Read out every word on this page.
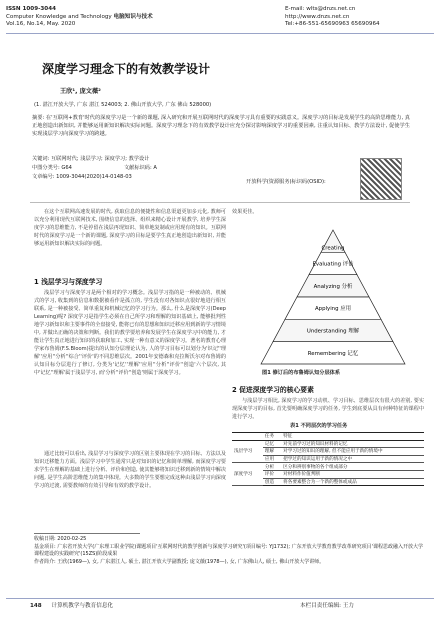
ISSN 1009-3044
Computer Knowledge and Technology 电脑知识与技术
Vol.16, No.14, May. 2020
E-mail: wlts@dnzs.net.cn
http://www.dnzs.net.cn
Tel:+86-551-65690963 65690964
深度学习理念下的有效教学设计
王欣¹, 庞文薇²
(1. 湛江开放大学, 广东 湛江 524003; 2. 佛山开放大学, 广东 佛山 528000)
摘要: 在'互联网+教育'时代的深度学习是一个新的课题, 深入研究和开展互联网时代的深度学习具有重要的实践意义。深度学习的目标是发展学生的高阶思维能力, 真正地创造出新知识, 并能够运用新知识解决实际问题。深度学习理念下的有效教学设计应充分探讨影响深度学习的重要因素, 注重认知目标、教学方法设计, 促使学生实现浅层学习向深度学习的跨越。
关键词: 互联网时代; 浅层学习; 深度学习; 教学设计
中图分类号: G64	文献标识码: A
文章编号: 1009-3044(2020)14-0148-03
开放科学(资源服务)标识码(OSID):
在这个互联网高速发展的时代, 获取信息的便捷性和信息渠道更加多元化, 教师可以充分利用现代互联网技术, 围绕信息的选择、组织来精心设计开展教学, 培养学生深度学习的思维能力, 不是停留在浅层再现知识、简单地复制或应用现有的知识。互联网时代的深度学习是一个新的课题, 深度学习的目标是要学生真正地创造出新知识, 并能够运用新知识解决实际的问题。
1 浅层学习与深度学习
浅层学习与深度学习是两个相对的学习概念。浅层学习指的是一种被动的、机械式的学习, 收集到的信息和数据被看作是孤立的, 学生没有对各知识点很好地进行相互联系, 是一种被接受、简单重复和机械记忆的学习行为。那么, 什么是深度学习(Deep Learning)呢? 深度学习是指学生必须在自己所学习和理解的知识基础上, 能够批判性地学习新知识和主要事件的全盘接受, 能将已有的思想和知识迁移应用到新的学习情境中, 并做出正确的决策和判断。我们的教学要培养和发展学生在深度学习中的能力, 才能让学生真正地进行知识的获取和加工, 实现一种有意义的深度学习。著名的教育心理学家布鲁姆(F.S.Bloom)提出的认知分层理论认为, 人的学习目标可以划分为'识记''理解''应用''分析''综合''评价'的不同思维层次。2001年安德森和克拉斯沃尔对布鲁姆的认知目标分层进行了修订, 分类为'记忆''理解''应用''分析''评价''创造'六个层次, 其中'记忆''理解'属于浅层学习, 而'分析''评价''创造'则属于深度学习。
通过比较可以看出, 浅层学习与深度学习的区别主要体现在学习的目标、方法以及知识迁移能力方面。浅层学习中学生通常只是对知识的记忆和简单理解, 而深度学习要求学生在理解的基础上进行分析、评价和创造, 使其能够将知识迁移到新的情境中解决问题, 是学生高阶思维能力的集中体现。大多数的学生要想完成这种由浅层学习向深度学习的过渡, 需要教师的有效引导和有效的教学设计。
效果更佳。
Creating
Evaluating 评估
Analyzing 分析
Applying 应用
Understanding 理解
Remembering 记忆
图1 修订后的布鲁姆认知分层体系
2 促进深度学习的核心要素
与浅层学习相比, 深度学习的学习动机、学习目标、思维层次有很大的差别, 要实现深度学习的目标, 首先要明确深度学习的任务, 学生到底要从具有何种特征的课程中进行学习。
表1 不同层次的学习任务
	任务	特征
浅层学习	记忆	对先前学习过的知识材料的记忆
	理解	对学习过的知识的理解, 但不能应用于新的情境中
	应用	把学过的知识运用于新的情况之中
深度学习	分析	区分和辨别事物的各个组成部分
	评价	对材料作价值判断
	创造	将各要素整合为一个新的整体或成品
收稿日期: 2020-02-25
基金项目: 广东省开放大学(广东理工职业学院)课题项目'互联网时代的教学创新与深度学习研究'(项目编号: YJ1732); 广东开放大学教育教学改革研究项目'课程思政融入开放大学课程建设的实践研究'(15ZS)阶段成果
作者简介: 王欣(1969—), 女, 广东湛江人, 硕士, 湛江开放大学副教授; 庞文薇(1978—), 女, 广东佛山人, 硕士, 佛山开放大学讲师。
148 计算机教学与教育信息化	本栏目责任编辑: 王力
